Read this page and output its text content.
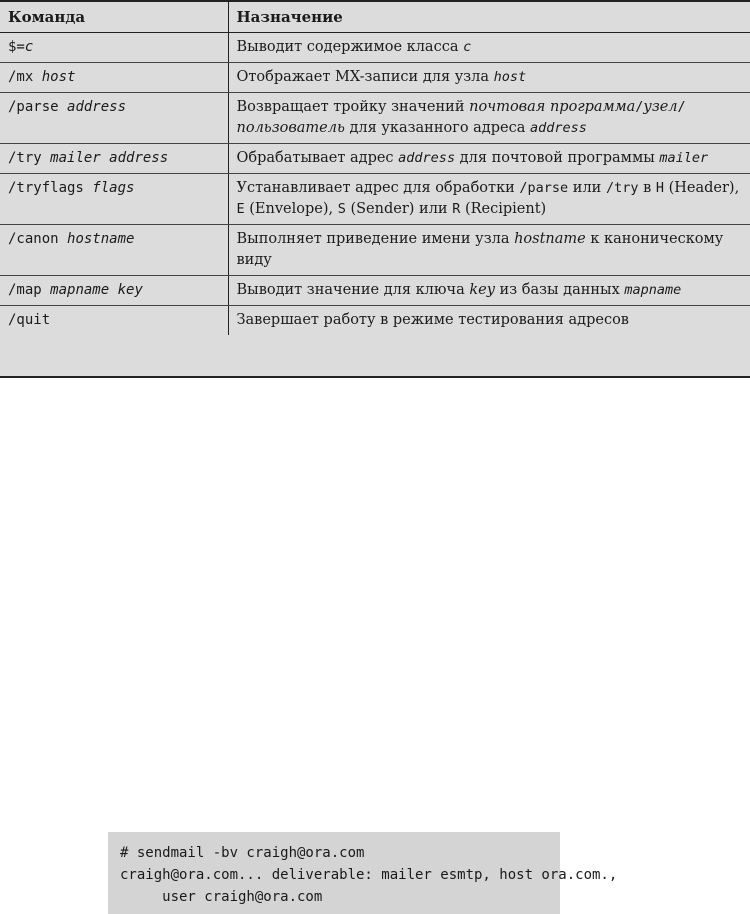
Команда	Назначение
$=c	Выводит содержимое класса c
/mx host	Отображает MX-записи для узла host
/parse address	Возвращает тройку значений почтовая программа/узел/пользователь для указанного адреса address
/try mailer address	Обрабатывает адрес address для почтовой программы mailer
/tryflags flags	Устанавливает адрес для обработки /parse или /try в H (Header), E (Envelope), S (Sender) или R (Recipient)
/canon hostname	Выполняет приведение имени узла hostname к каноническому виду
/map mapname key	Выводит значение для ключа key из базы данных mapname
/quit	Завершает работу в режиме тестирования адресов
# sendmail -bv craigh@ora.com
craigh@ora.com... deliverable: mailer esmtp, host ora.com.,
user craigh@ora.com
